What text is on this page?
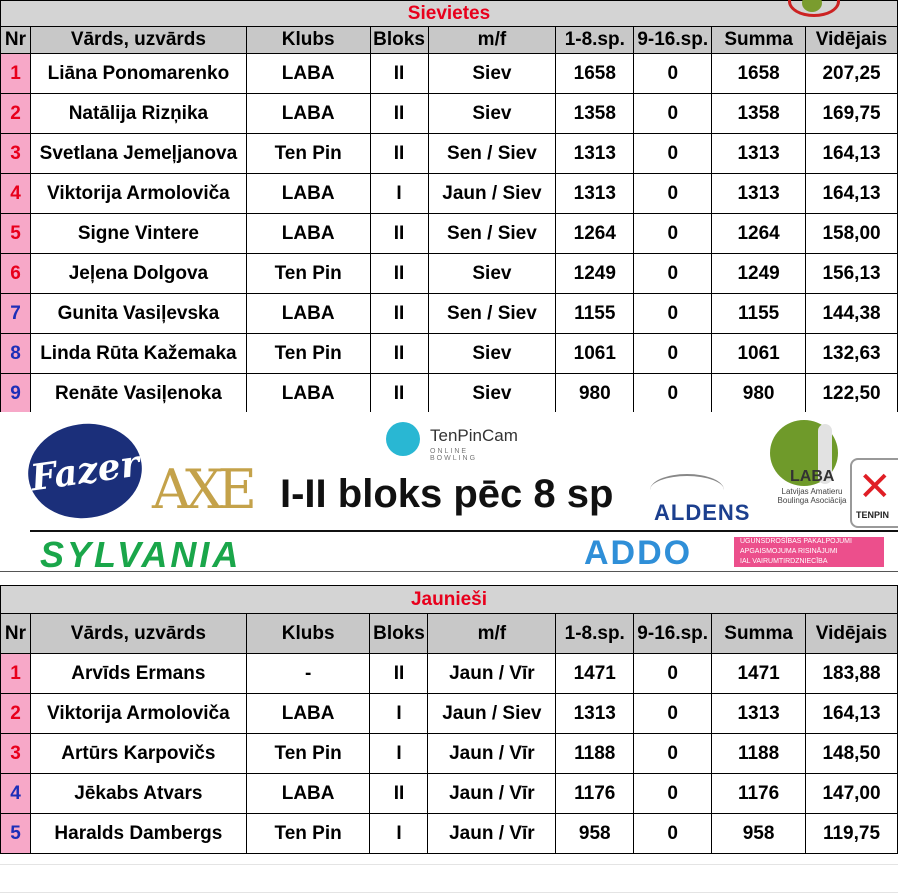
Sievietes								
Nr	Vārds, uzvārds	Klubs	Bloks	m/f	1-8.sp.	9-16.sp.	Summa	Vidējais
1	Liāna Ponomarenko	LABA	II	Siev	1658	0	1658	207,25
2	Natālija Rizņika	LABA	II	Siev	1358	0	1358	169,75
3	Svetlana Jemeļjanova	Ten Pin	II	Sen / Siev	1313	0	1313	164,13
4	Viktorija Armoloviča	LABA	I	Jaun / Siev	1313	0	1313	164,13
5	Signe Vintere	LABA	II	Sen / Siev	1264	0	1264	158,00
6	Jeļena Dolgova	Ten Pin	II	Siev	1249	0	1249	156,13
7	Gunita Vasiļevska	LABA	II	Sen / Siev	1155	0	1155	144,38
8	Linda Rūta Kažemaka	Ten Pin	II	Siev	1061	0	1061	132,63
9	Renāte Vasiļenoka	LABA	II	Siev	980	0	980	122,50
Fazer AXE
TenPinCam
ONLINE BOWLING
I-II bloks pēc 8 sp ALDENS
LABA
Latvijas Amatieru Boulinga Asociācija ✕
TENPIN
SYLVANIA	ADDO	UGUNSDROŠĪBAS PAKALPOJUMI
APGAISMOJUMA RISINĀJUMI
IAL VAIRUMTIRDZNIECĪBA
Jaunieši								
Nr	Vārds, uzvārds	Klubs	Bloks	m/f	1-8.sp.	9-16.sp.	Summa	Vidējais
1	Arvīds Ermans	-	II	Jaun / Vīr	1471	0	1471	183,88
2	Viktorija Armoloviča	LABA	I	Jaun / Siev	1313	0	1313	164,13
3	Artūrs Karpovičs	Ten Pin	I	Jaun / Vīr	1188	0	1188	148,50
4	Jēkabs Atvars	LABA	II	Jaun / Vīr	1176	0	1176	147,00
5	Haralds Dambergs	Ten Pin	I	Jaun / Vīr	958	0	958	119,75
